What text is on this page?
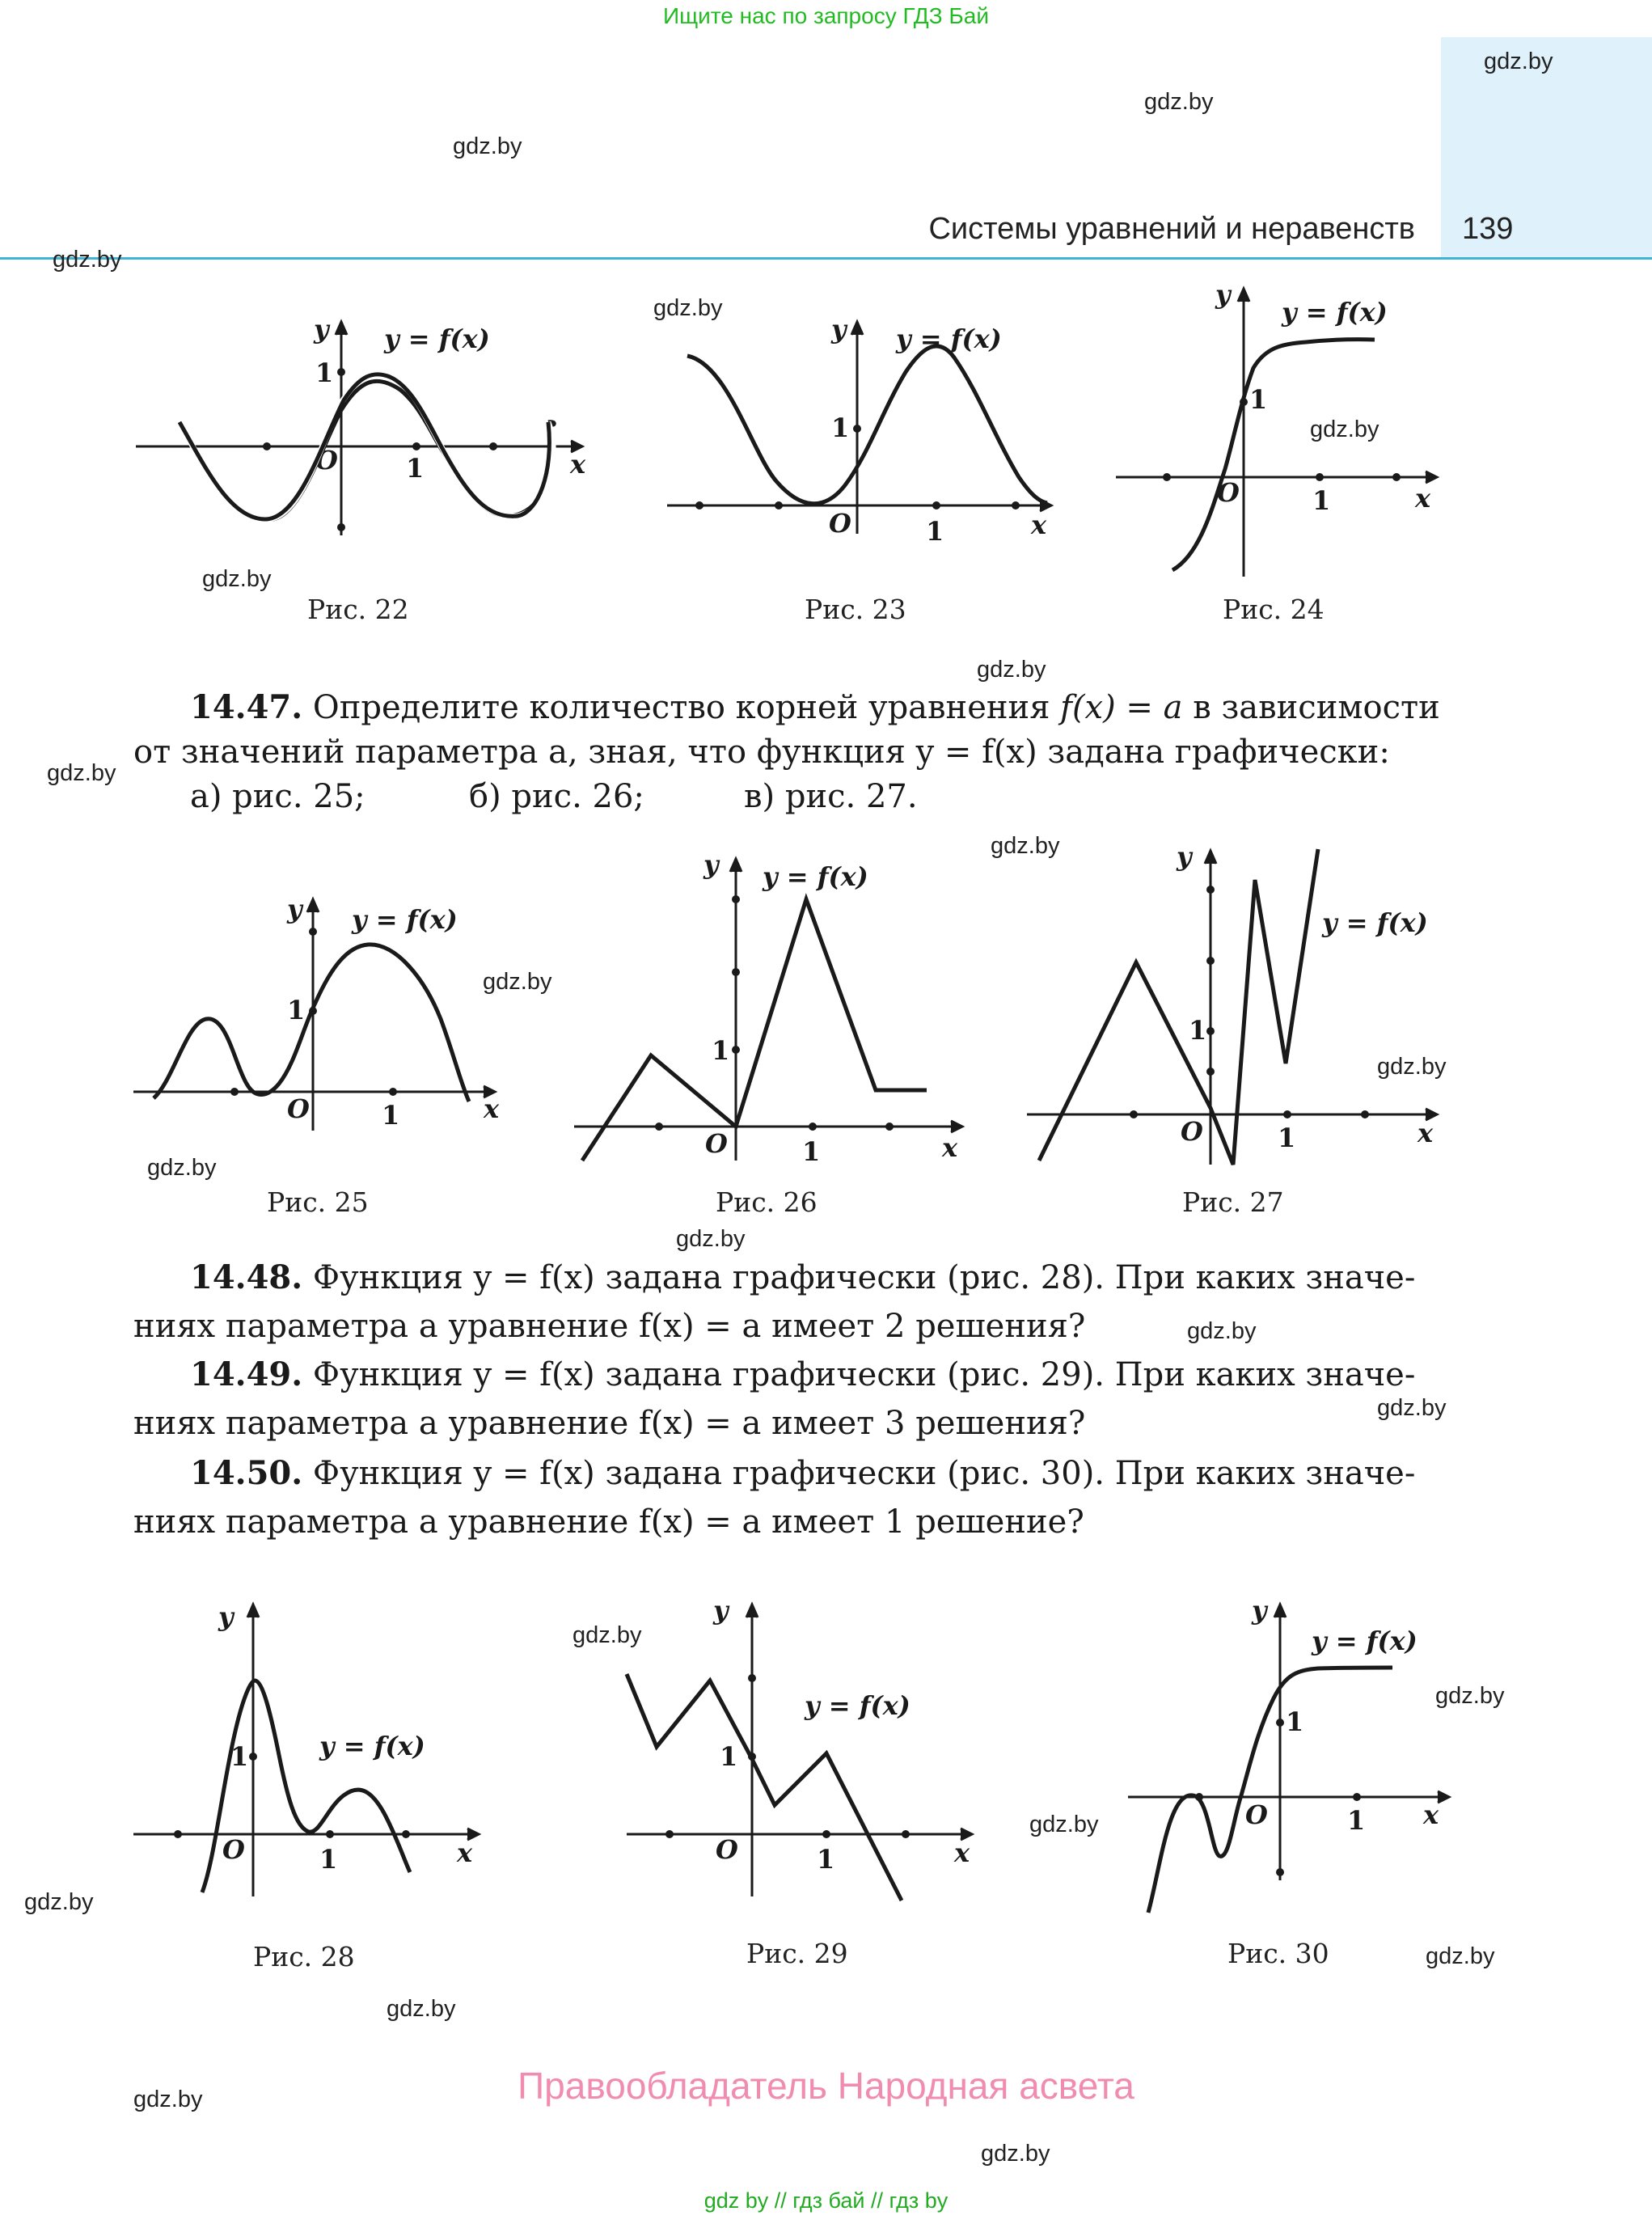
Ищите нас по запросу ГДЗ Бай
Системы уравнений и неравенств 139
gdz.by
gdz.by
gdz.by
gdz.by
gdz.by
gdz.by
gdz.by
gdz.by
gdz.by
gdz.by
gdz.by
gdz.by
gdz.by
gdz.by
gdz.by
gdz.by
gdz.by
gdz.by
gdz.by
gdz.by
gdz.by
gdz.by
gdz.by
gdz.by
y
1
O	1	x
y = f(x)
Рис. 22
y
1
O	1	x
y = f(x)
Рис. 23
y
1
O	1	x
y = f(x)
Рис. 24
14.47. Определите количество корней уравнения f(x) = a в зависимости
от значений параметра a, зная, что функция y = f(x) задана графически:
а) рис. 25;	б) рис. 26;	в) рис. 27.
y
1
O	1	x
y = f(x)
Рис. 25
y
1
O	1	x
y = f(x)
Рис. 26
y
1
O	1	x
y = f(x)
Рис. 27
14.48. Функция y = f(x) задана графически (рис. 28). При каких значе-
ниях параметра a уравнение f(x) = a имеет 2 решения?
14.49. Функция y = f(x) задана графически (рис. 29). При каких значе-
ниях параметра a уравнение f(x) = a имеет 3 решения?
14.50. Функция y = f(x) задана графически (рис. 30). При каких значе-
ниях параметра a уравнение f(x) = a имеет 1 решение?
y
1
O	1	x
y = f(x)
Рис. 28
y
1
O	1	x
y = f(x)
Рис. 29
y
1
O	1 x
y = f(x)
Рис. 30
Правообладатель Народная асвета
gdz by // гдз бай // гдз by
